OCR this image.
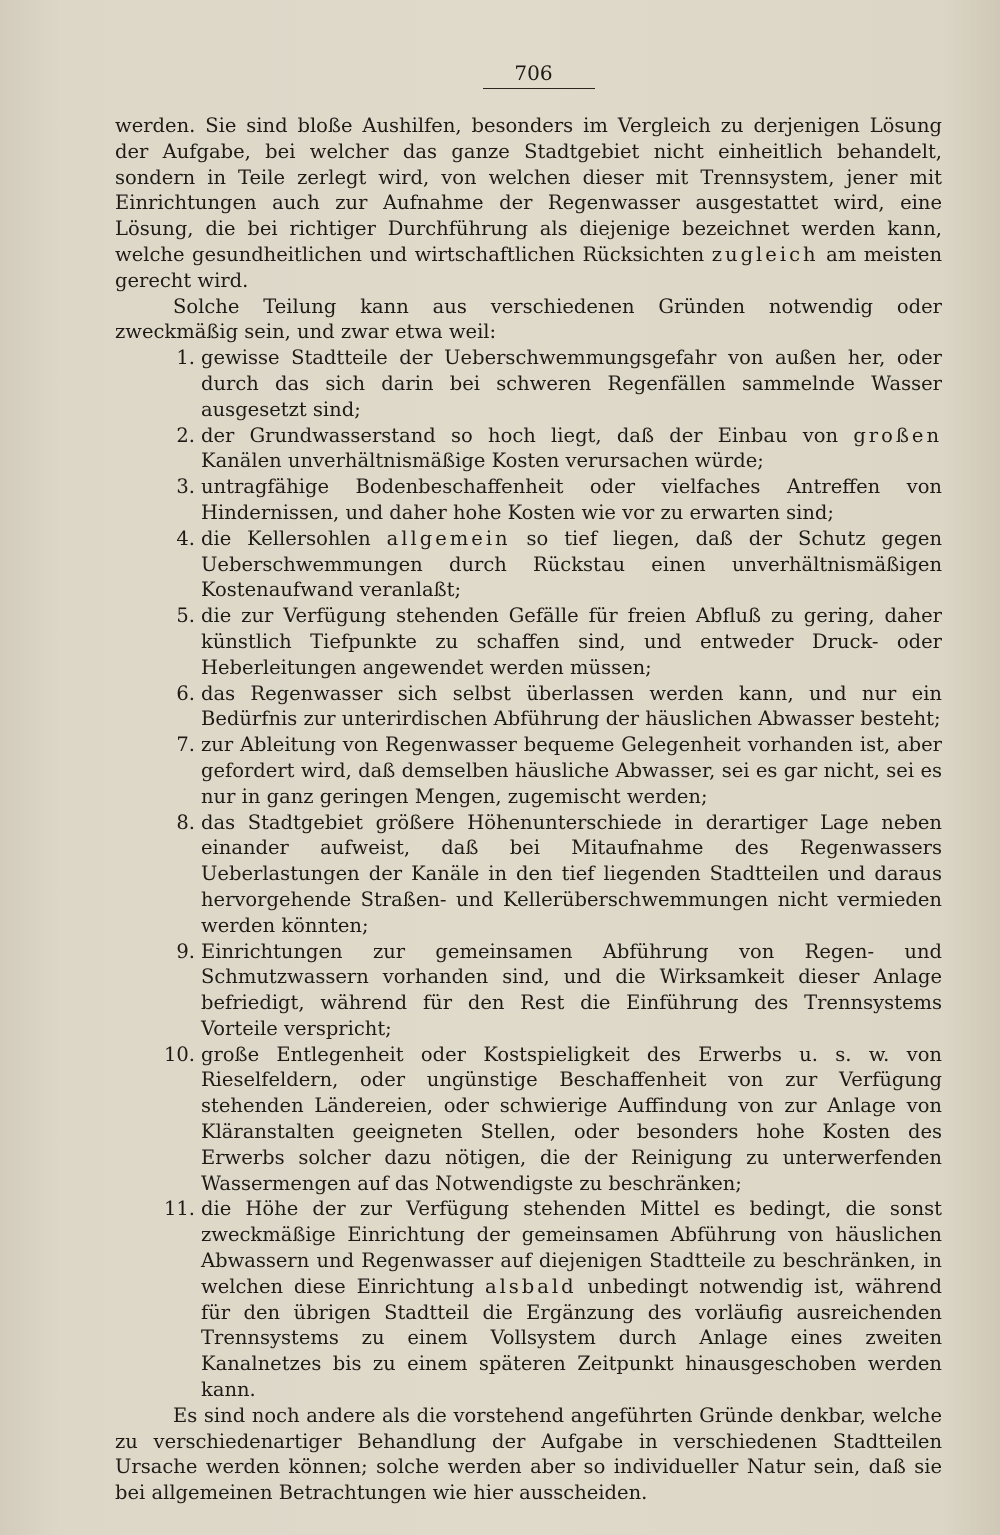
706

werden. Sie sind bloße Aushilfen, besonders im Vergleich zu derjenigen Lösung der Aufgabe, bei welcher das ganze Stadtgebiet nicht einheitlich behandelt, sondern in Teile zerlegt wird, von welchen dieser mit Trennsystem, jener mit Einrichtungen auch zur Aufnahme der Regenwasser ausgestattet wird, eine Lösung, die bei richtiger Durchführung als diejenige bezeichnet werden kann, welche gesundheitlichen und wirtschaftlichen Rücksichten zugleich am meisten gerecht wird.

Solche Teilung kann aus verschiedenen Gründen notwendig oder zweckmäßig sein, und zwar etwa weil:

1. gewisse Stadtteile der Ueberschwemmungsgefahr von außen her, oder durch das sich darin bei schweren Regenfällen sammelnde Wasser ausgesetzt sind;
2. der Grundwasserstand so hoch liegt, daß der Einbau von großen Kanälen unverhältnismäßige Kosten verursachen würde;
3. untragfähige Bodenbeschaffenheit oder vielfaches Antreffen von Hindernissen, und daher hohe Kosten wie vor zu erwarten sind;
4. die Kellersohlen allgemein so tief liegen, daß der Schutz gegen Ueberschwemmungen durch Rückstau einen unverhältnismäßigen Kostenaufwand veranlaßt;
5. die zur Verfügung stehenden Gefälle für freien Abfluß zu gering, daher künstlich Tiefpunkte zu schaffen sind, und entweder Druck- oder Heberleitungen angewendet werden müssen;
6. das Regenwasser sich selbst überlassen werden kann, und nur ein Bedürfnis zur unterirdischen Abführung der häuslichen Abwasser besteht;
7. zur Ableitung von Regenwasser bequeme Gelegenheit vorhanden ist, aber gefordert wird, daß demselben häusliche Abwasser, sei es gar nicht, sei es nur in ganz geringen Mengen, zugemischt werden;
8. das Stadtgebiet größere Höhenunterschiede in derartiger Lage neben einander aufweist, daß bei Mitaufnahme des Regenwassers Ueberlastungen der Kanäle in den tief liegenden Stadtteilen und daraus hervorgehende Straßen- und Kellerüberschwemmungen nicht vermieden werden könnten;
9. Einrichtungen zur gemeinsamen Abführung von Regen- und Schmutzwassern vorhanden sind, und die Wirksamkeit dieser Anlage befriedigt, während für den Rest die Einführung des Trennsystems Vorteile verspricht;
10. große Entlegenheit oder Kostspieligkeit des Erwerbs u. s. w. von Rieselfeldern, oder ungünstige Beschaffenheit von zur Verfügung stehenden Ländereien, oder schwierige Auffindung von zur Anlage von Kläranstalten geeigneten Stellen, oder besonders hohe Kosten des Erwerbs solcher dazu nötigen, die der Reinigung zu unterwerfenden Wassermengen auf das Notwendigste zu beschränken;
11. die Höhe der zur Verfügung stehenden Mittel es bedingt, die sonst zweckmäßige Einrichtung der gemeinsamen Abführung von häuslichen Abwassern und Regenwasser auf diejenigen Stadtteile zu beschränken, in welchen diese Einrichtung alsbald unbedingt notwendig ist, während für den übrigen Stadtteil die Ergänzung des vorläufig ausreichenden Trennsystems zu einem Vollsystem durch Anlage eines zweiten Kanalnetzes bis zu einem späteren Zeitpunkt hinausgeschoben werden kann.

Es sind noch andere als die vorstehend angeführten Gründe denkbar, welche zu verschiedenartiger Behandlung der Aufgabe in verschiedenen Stadtteilen Ursache werden können; solche werden aber so individueller Natur sein, daß sie bei allgemeinen Betrachtungen wie hier ausscheiden.
